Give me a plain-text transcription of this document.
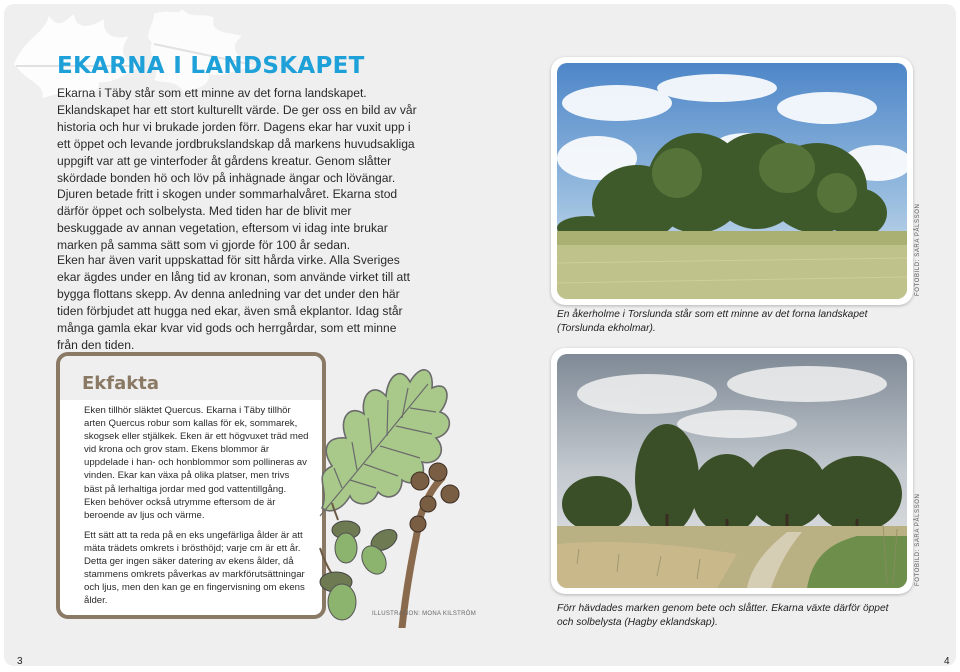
EKARNA I LANDSKAPET

Ekarna i Täby står som ett minne av det forna landskapet. Eklandskapet har ett stort kulturellt värde. De ger oss en bild av vår historia och hur vi brukade jorden förr. Dagens ekar har vuxit upp i ett öppet och levande jordbrukslandskap då markens huvudsakliga uppgift var att ge vinterfoder åt gårdens kreatur. Genom slåtter skördade bonden hö och löv på inhägnade ängar och lövängar. Djuren betade fritt i skogen under sommarhalvåret. Ekarna stod därför öppet och solbelysta. Med tiden har de blivit mer beskuggade av annan vegetation, eftersom vi idag inte brukar marken på samma sätt som vi gjorde för 100 år sedan.

Eken har även varit uppskattad för sitt hårda virke. Alla Sveriges ekar ägdes under en lång tid av kronan, som använde virket till att bygga flottans skepp. Av denna anledning var det under den här tiden förbjudet att hugga ned ekar, även små ekplantor. Idag står många gamla ekar kvar vid gods och herrgårdar, som ett minne från den tiden.

Ekfakta

Eken tillhör släktet Quercus. Ekarna i Täby tillhör arten Quercus robur som kallas för ek, sommarek, skogsek eller stjälkek. Eken är ett högvuxet träd med vid krona och grov stam. Ekens blommor är uppdelade i han- och honblommor som pollineras av vinden. Ekar kan växa på olika platser, men trivs bäst på lerhaltiga jordar med god vattentillgång. Eken behöver också utrymme eftersom de är beroende av ljus och värme.

Ett sätt att ta reda på en eks ungefärliga ålder är att mäta trädets omkrets i brösthöjd; varje cm är ett år. Detta ger ingen säker datering av ekens ålder, då stammens omkrets påverkas av markförutsättningar och ljus, men den kan ge en fingervisning om ekens ålder.

ILLUSTRATION: MONA KILSTRÖM
FOTOBILD: SARA PÅLSSON

En åkerholme i Torslunda står som ett minne av det forna landskapet (Torslunda ekholmar).

FOTOBILD: SARA PÅLSSON

Förr hävdades marken genom bete och slåtter. Ekarna växte därför öppet och solbelysta (Hagby eklandskap).

3	4
